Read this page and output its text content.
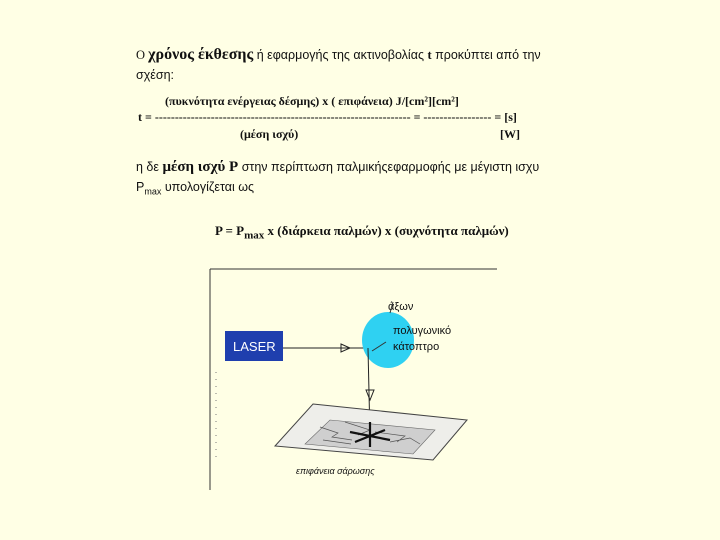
Ο χρόνος έκθεσης ή εφαρμογής της ακτινοβολίας t προκύπτει από την
σχέση:
(πυκνότητα ενέργειας δέσμης) x ( επιφάνεια) J/[cm²][cm²]
t = ---------------------------------------------------------------- = ----------------- = [s]
(μέση ισχύ)	[W]
η δε μέση ισχύ P στην περίπτωση παλμικήςεφαρμοφής με μέγιστη ισχυ
$P_{max}$ υπολογίζεται ως
$P = P_{max}$ x (διάρκεια παλμών) x (συχνότητα παλμών)
LASER
άξων
πολυγωνικό
κάτοπτρο
επιφάνεια σάρωσης
